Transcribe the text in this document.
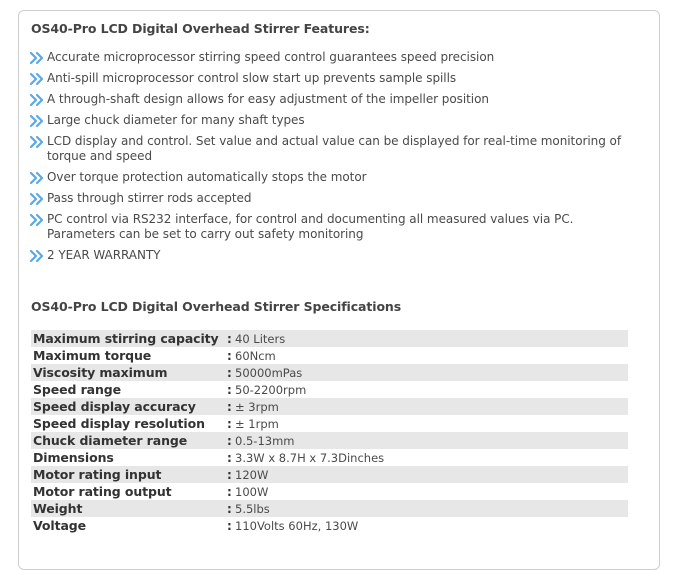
OS40-Pro LCD Digital Overhead Stirrer Features:
Accurate microprocessor stirring speed control guarantees speed precision
Anti-spill microprocessor control slow start up prevents sample spills
A through-shaft design allows for easy adjustment of the impeller position
Large chuck diameter for many shaft types
LCD display and control. Set value and actual value can be displayed for real-time monitoring of torque and speed
Over torque protection automatically stops the motor
Pass through stirrer rods accepted
PC control via RS232 interface, for control and documenting all measured values via PC. Parameters can be set to carry out safety monitoring
2 YEAR WARRANTY
OS40-Pro LCD Digital Overhead Stirrer Specifications
Maximum stirring capacity	:	40 Liters
Maximum torque	:	60Ncm
Viscosity maximum	:	50000mPas
Speed range	:	50-2200rpm
Speed display accuracy	:	± 3rpm
Speed display resolution	:	± 1rpm
Chuck diameter range	:	0.5-13mm
Dimensions	:	3.3W x 8.7H x 7.3Dinches
Motor rating input	:	120W
Motor rating output	:	100W
Weight	:	5.5lbs
Voltage	:	110Volts 60Hz, 130W
